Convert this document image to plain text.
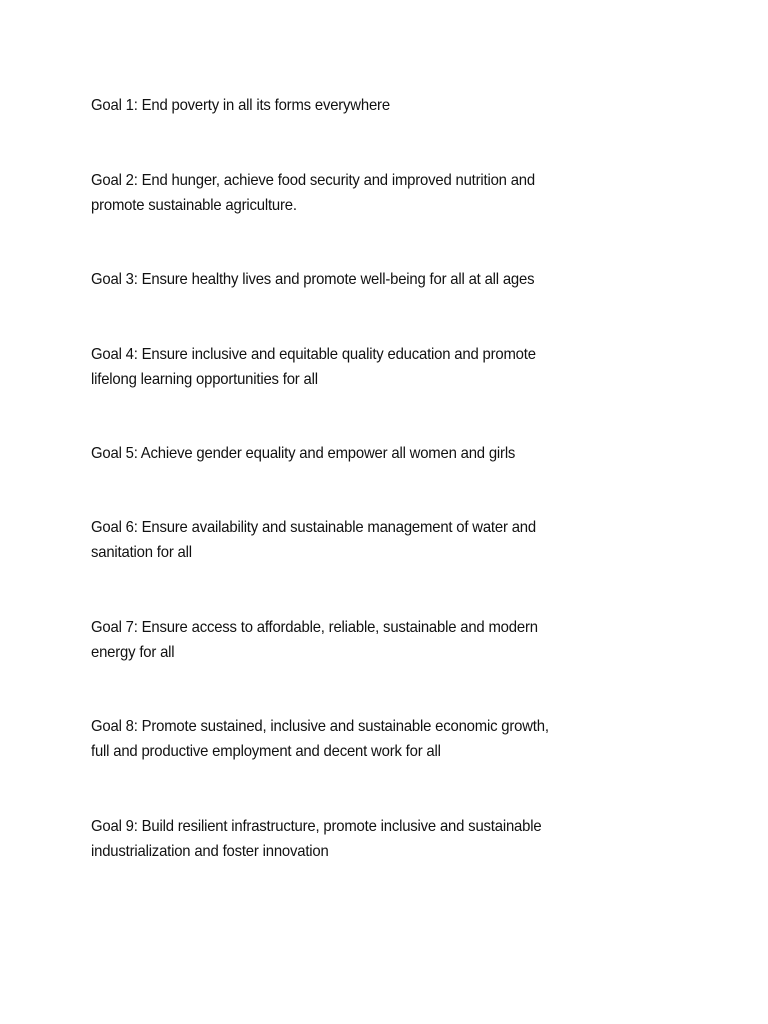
Goal 1: End poverty in all its forms everywhere

Goal 2: End hunger, achieve food security and improved nutrition and
promote sustainable agriculture.

Goal 3: Ensure healthy lives and promote well-being for all at all ages

Goal 4: Ensure inclusive and equitable quality education and promote
lifelong learning opportunities for all

Goal 5: Achieve gender equality and empower all women and girls

Goal 6: Ensure availability and sustainable management of water and
sanitation for all

Goal 7: Ensure access to affordable, reliable, sustainable and modern
energy for all

Goal 8: Promote sustained, inclusive and sustainable economic growth,
full and productive employment and decent work for all

Goal 9: Build resilient infrastructure, promote inclusive and sustainable
industrialization and foster innovation
